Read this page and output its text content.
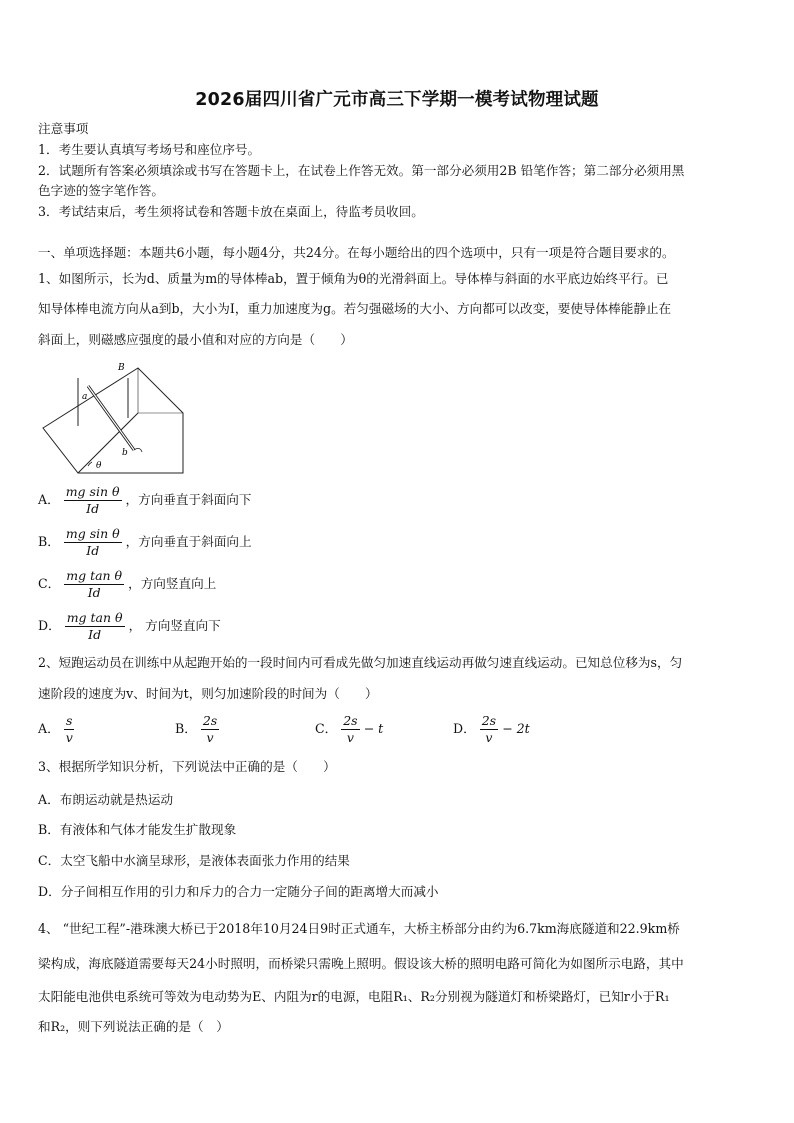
2026届四川省广元市高三下学期一模考试物理试题
注意事项
1．考生要认真填写考场号和座位序号。
2．试题所有答案必须填涂或书写在答题卡上，在试卷上作答无效。第一部分必须用2B 铅笔作答；第二部分必须用黑
色字迹的签字笔作答。
3．考试结束后，考生须将试卷和答题卡放在桌面上，待监考员收回。
一、单项选择题：本题共6小题，每小题4分，共24分。在每小题给出的四个选项中，只有一项是符合题目要求的。
1、如图所示，长为d、质量为m的导体棒ab，置于倾角为θ的光滑斜面上。导体棒与斜面的水平底边始终平行。已
知导体棒电流方向从a到b，大小为I，重力加速度为g。若匀强磁场的大小、方向都可以改变，要使导体棒能静止在
斜面上，则磁感应强度的最小值和对应的方向是（　　）
B
a
b
θ
A． $\frac{\text{mg sin θ}}{Id}$ ，方向垂直于斜面向下
B． $\frac{\text{mg sin θ}}{Id}$ ，方向垂直于斜面向上
C． $\frac{\text{mg tan θ}}{Id}$ ，方向竖直向上
D． $\frac{\text{mg tan θ}}{Id}$ ， 方向竖直向下
2、短跑运动员在训练中从起跑开始的一段时间内可看成先做匀加速直线运动再做匀速直线运动。已知总位移为s，匀
速阶段的速度为v、时间为t，则匀加速阶段的时间为（　　）
A． $\frac{s}{v}$	B． $\frac{2s}{v}$	C． $\frac{2s}{v} - t$	D． $\frac{2s}{v} - 2t$
3、根据所学知识分析，下列说法中正确的是（　　）
A．布朗运动就是热运动
B．有液体和气体才能发生扩散现象
C．太空飞船中水滴呈球形，是液体表面张力作用的结果
D．分子间相互作用的引力和斥力的合力一定随分子间的距离增大而减小
4、 “世纪工程”-港珠澳大桥已于2018年10月24日9时正式通车，大桥主桥部分由约为6.7km海底隧道和22.9km桥
梁构成，海底隧道需要每天24小时照明，而桥梁只需晚上照明。假设该大桥的照明电路可简化为如图所示电路，其中
太阳能电池供电系统可等效为电动势为E、内阻为r的电源，电阻R₁、R₂分别视为隧道灯和桥梁路灯，已知r小于R₁
和R₂，则下列说法正确的是（　）
